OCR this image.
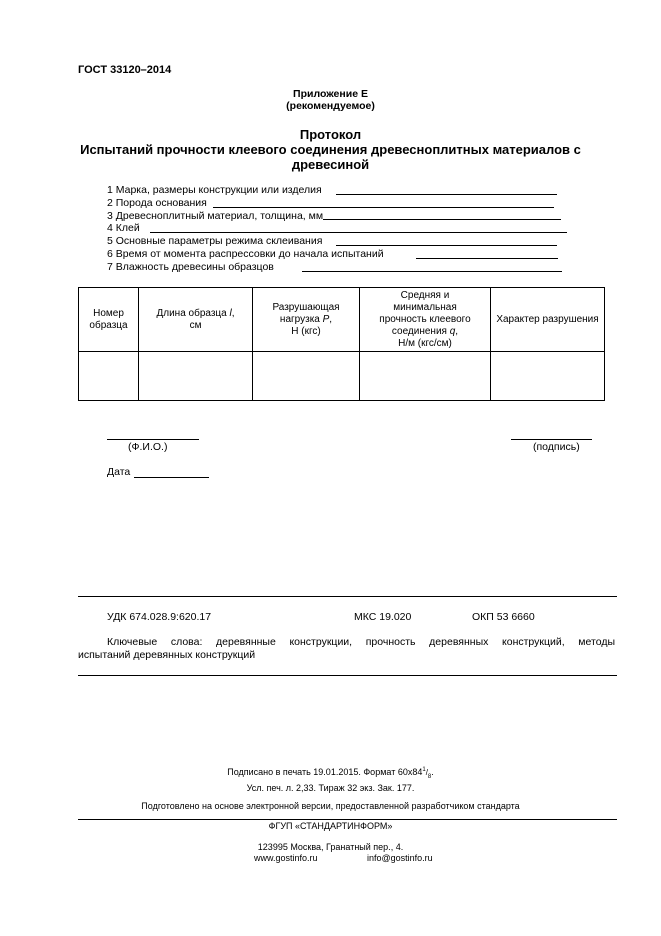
ГОСТ 33120–2014
Приложение Е
(рекомендуемое)
Протокол
Испытаний прочности клеевого соединения древесноплитных материалов с
древесиной
1 Марка, размеры конструкции или изделия
2 Порода основания
3 Древесноплитный материал, толщина, мм
4 Клей
5 Основные параметры режима склеивания
6 Время от момента распрессовки до начала испытаний
7 Влажность древесины образцов
Номер
образца	Длина образца l,
см	Разрушающая
нагрузка P,
Н (кгс)	Средняя и
минимальная
прочность клеевого
соединения q,
Н/м (кгс/см)	Характер разрушения

(Ф.И.О.)	(подпись)
Дата
УДК 674.028.9:620.17	МКС 19.020	ОКП 53 6660
Ключевые слова: деревянные конструкции, прочность деревянных конструкций, методы
испытаний деревянных конструкций
Подписано в печать 19.01.2015. Формат $60x84^1/_8$.
Усл. печ. л. 2,33. Тираж 32 экз. Зак. 177.
Подготовлено на основе электронной версии, предоставленной разработчиком стандарта
ФГУП «СТАНДАРТИНФОРМ»
123995 Москва, Гранатный пер., 4.
www.gostinfo.ru	info@gostinfo.ru
